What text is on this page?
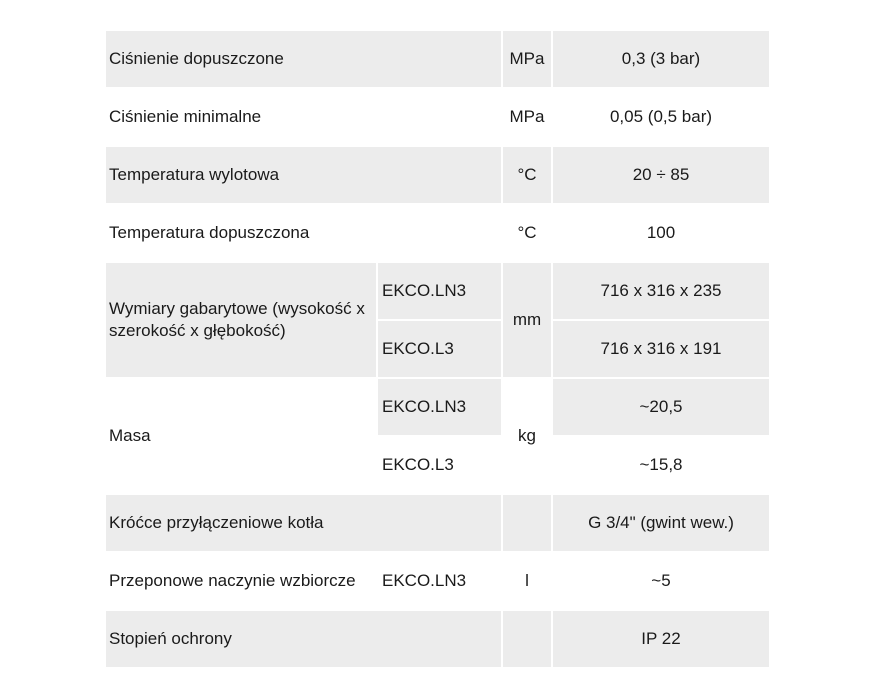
Ciśnienie dopuszczone		MPa	0,3 (3 bar)
Ciśnienie minimalne		MPa	0,05 (0,5 bar)
Temperatura wylotowa		°C	20 ÷ 85
Temperatura dopuszczona		°C	100
Wymiary gabarytowe (wysokość x szerokość x głębokość)	EKCO.LN3	mm	716 x 316 x 235
	EKCO.L3		716 x 316 x 191
Masa	EKCO.LN3	kg	~20,5
	EKCO.L3		~15,8
Króćce przyłączeniowe kotła			G 3/4" (gwint wew.)
Przeponowe naczynie wzbiorcze	EKCO.LN3	l	~5
Stopień ochrony			IP 22
